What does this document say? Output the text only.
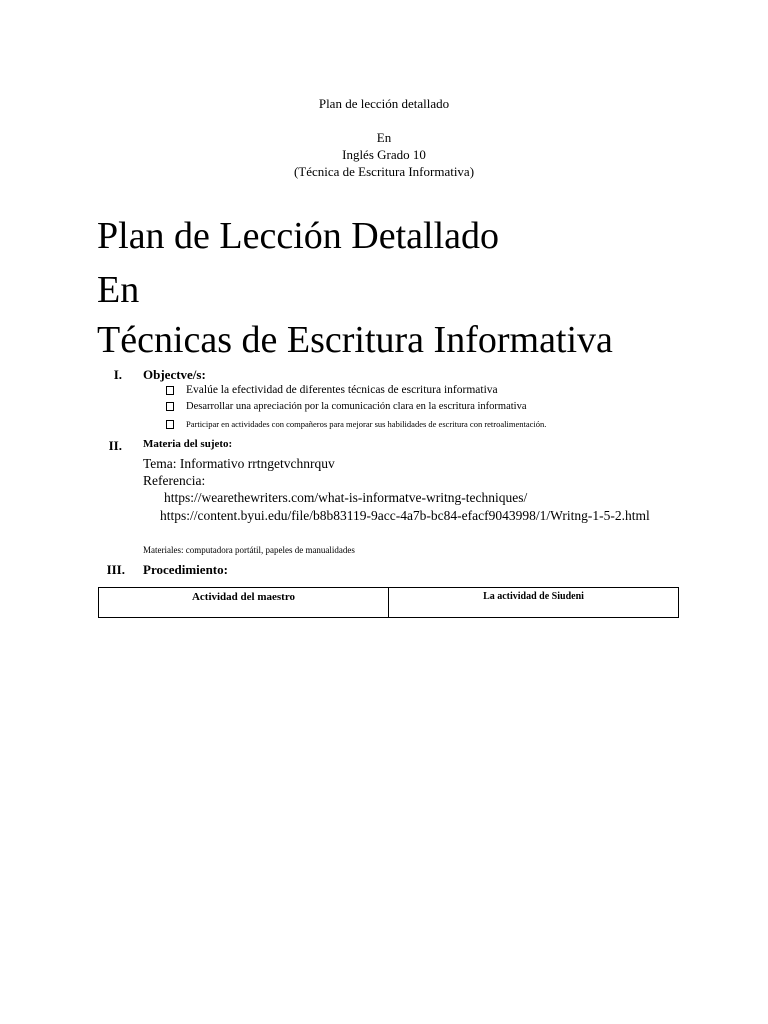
Plan de lección detallado
En
Inglés Grado 10
(Técnica de Escritura Informativa)
Plan de Lección Detallado
En
Técnicas de Escritura Informativa
I. Objectve/s:
Evalúe la efectividad de diferentes técnicas de escritura informativa
Desarrollar una apreciación por la comunicación clara en la escritura informativa
Participar en actividades con compañeros para mejorar sus habilidades de escritura con retroalimentación.
II. Materia del sujeto:
Tema: Informativo rrtngetvchnrquv
Referencia:
https://wearethewriters.com/what-is-informatve-writng-techniques/
https://content.byui.edu/file/b8b83119-9acc-4a7b-bc84-efacf9043998/1/Writng-1-5-2.html
Materiales: computadora portátil, papeles de manualidades
III. Procedimiento:
Actividad del maestro	La actividad de Siudeni
